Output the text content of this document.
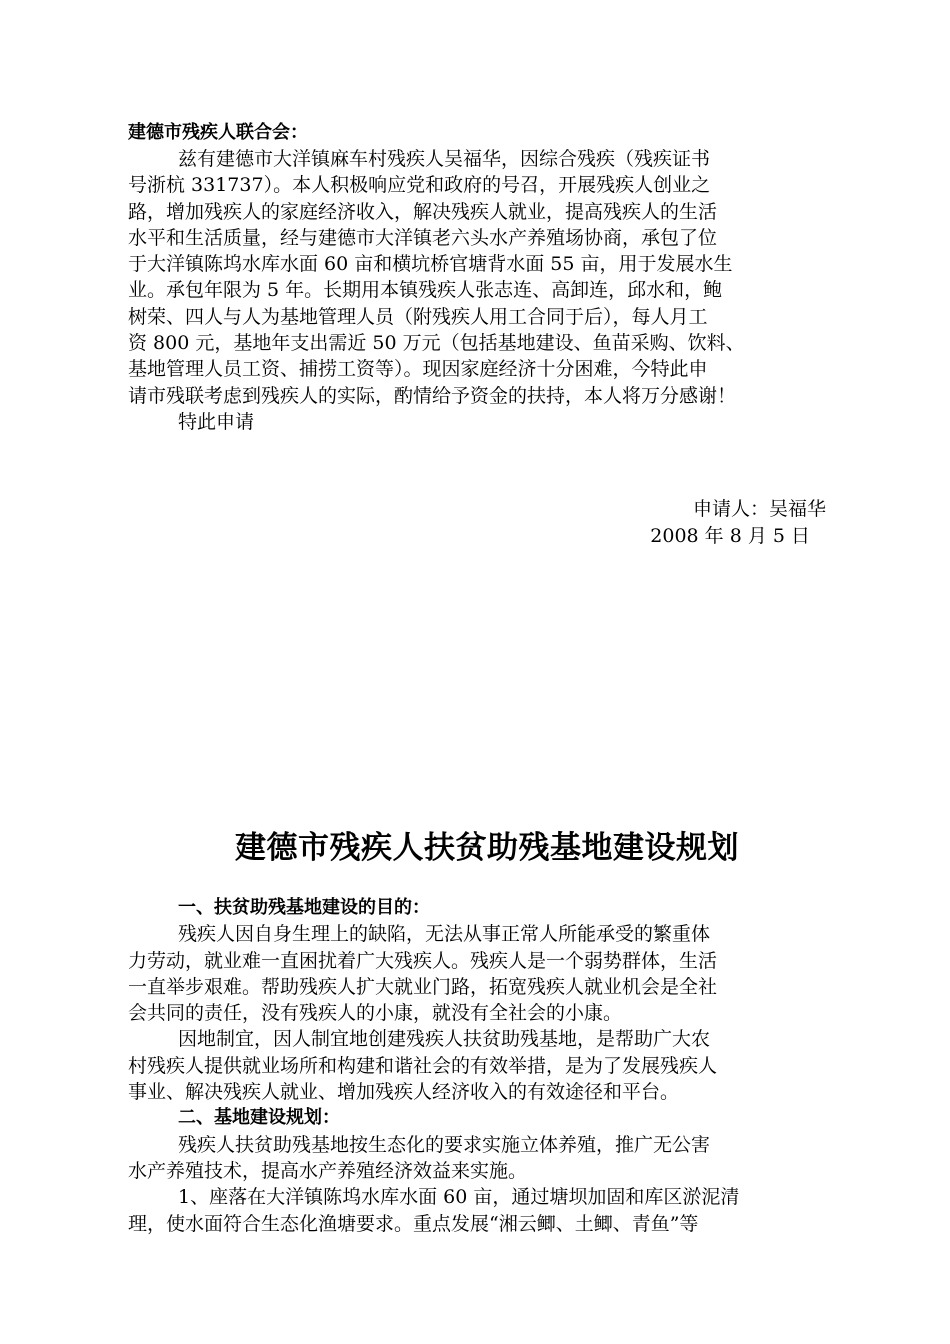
建德市残疾人联合会：
兹有建德市大洋镇麻车村残疾人吴福华，因综合残疾（残疾证书
号浙杭 331737）。本人积极响应党和政府的号召，开展残疾人创业之
路，增加残疾人的家庭经济收入，解决残疾人就业，提高残疾人的生活
水平和生活质量，经与建德市大洋镇老六头水产养殖场协商，承包了位
于大洋镇陈坞水库水面 60 亩和横坑桥官塘背水面 55 亩，用于发展水生
业。承包年限为 5 年。长期用本镇残疾人张志连、高卸连，邱水和，鲍
树荣、四人与人为基地管理人员（附残疾人用工合同于后），每人月工
资 800 元，基地年支出需近 50 万元（包括基地建设、鱼苗采购、饮料、
基地管理人员工资、捕捞工资等）。现因家庭经济十分困难，今特此申
请市残联考虑到残疾人的实际，酌情给予资金的扶持，本人将万分感谢！
特此申请
申请人：吴福华
2008 年 8 月 5 日
建德市残疾人扶贫助残基地建设规划
一、扶贫助残基地建设的目的：
残疾人因自身生理上的缺陷，无法从事正常人所能承受的繁重体
力劳动，就业难一直困扰着广大残疾人。残疾人是一个弱势群体，生活
一直举步艰难。帮助残疾人扩大就业门路，拓宽残疾人就业机会是全社
会共同的责任，没有残疾人的小康，就没有全社会的小康。
因地制宜，因人制宜地创建残疾人扶贫助残基地，是帮助广大农
村残疾人提供就业场所和构建和谐社会的有效举措，是为了发展残疾人
事业、解决残疾人就业、增加残疾人经济收入的有效途径和平台。
二、基地建设规划：
残疾人扶贫助残基地按生态化的要求实施立体养殖，推广无公害
水产养殖技术，提高水产养殖经济效益来实施。
1、座落在大洋镇陈坞水库水面 60 亩，通过塘坝加固和库区淤泥清
理，使水面符合生态化渔塘要求。重点发展“湘云鲫、土鲫、青鱼”等
